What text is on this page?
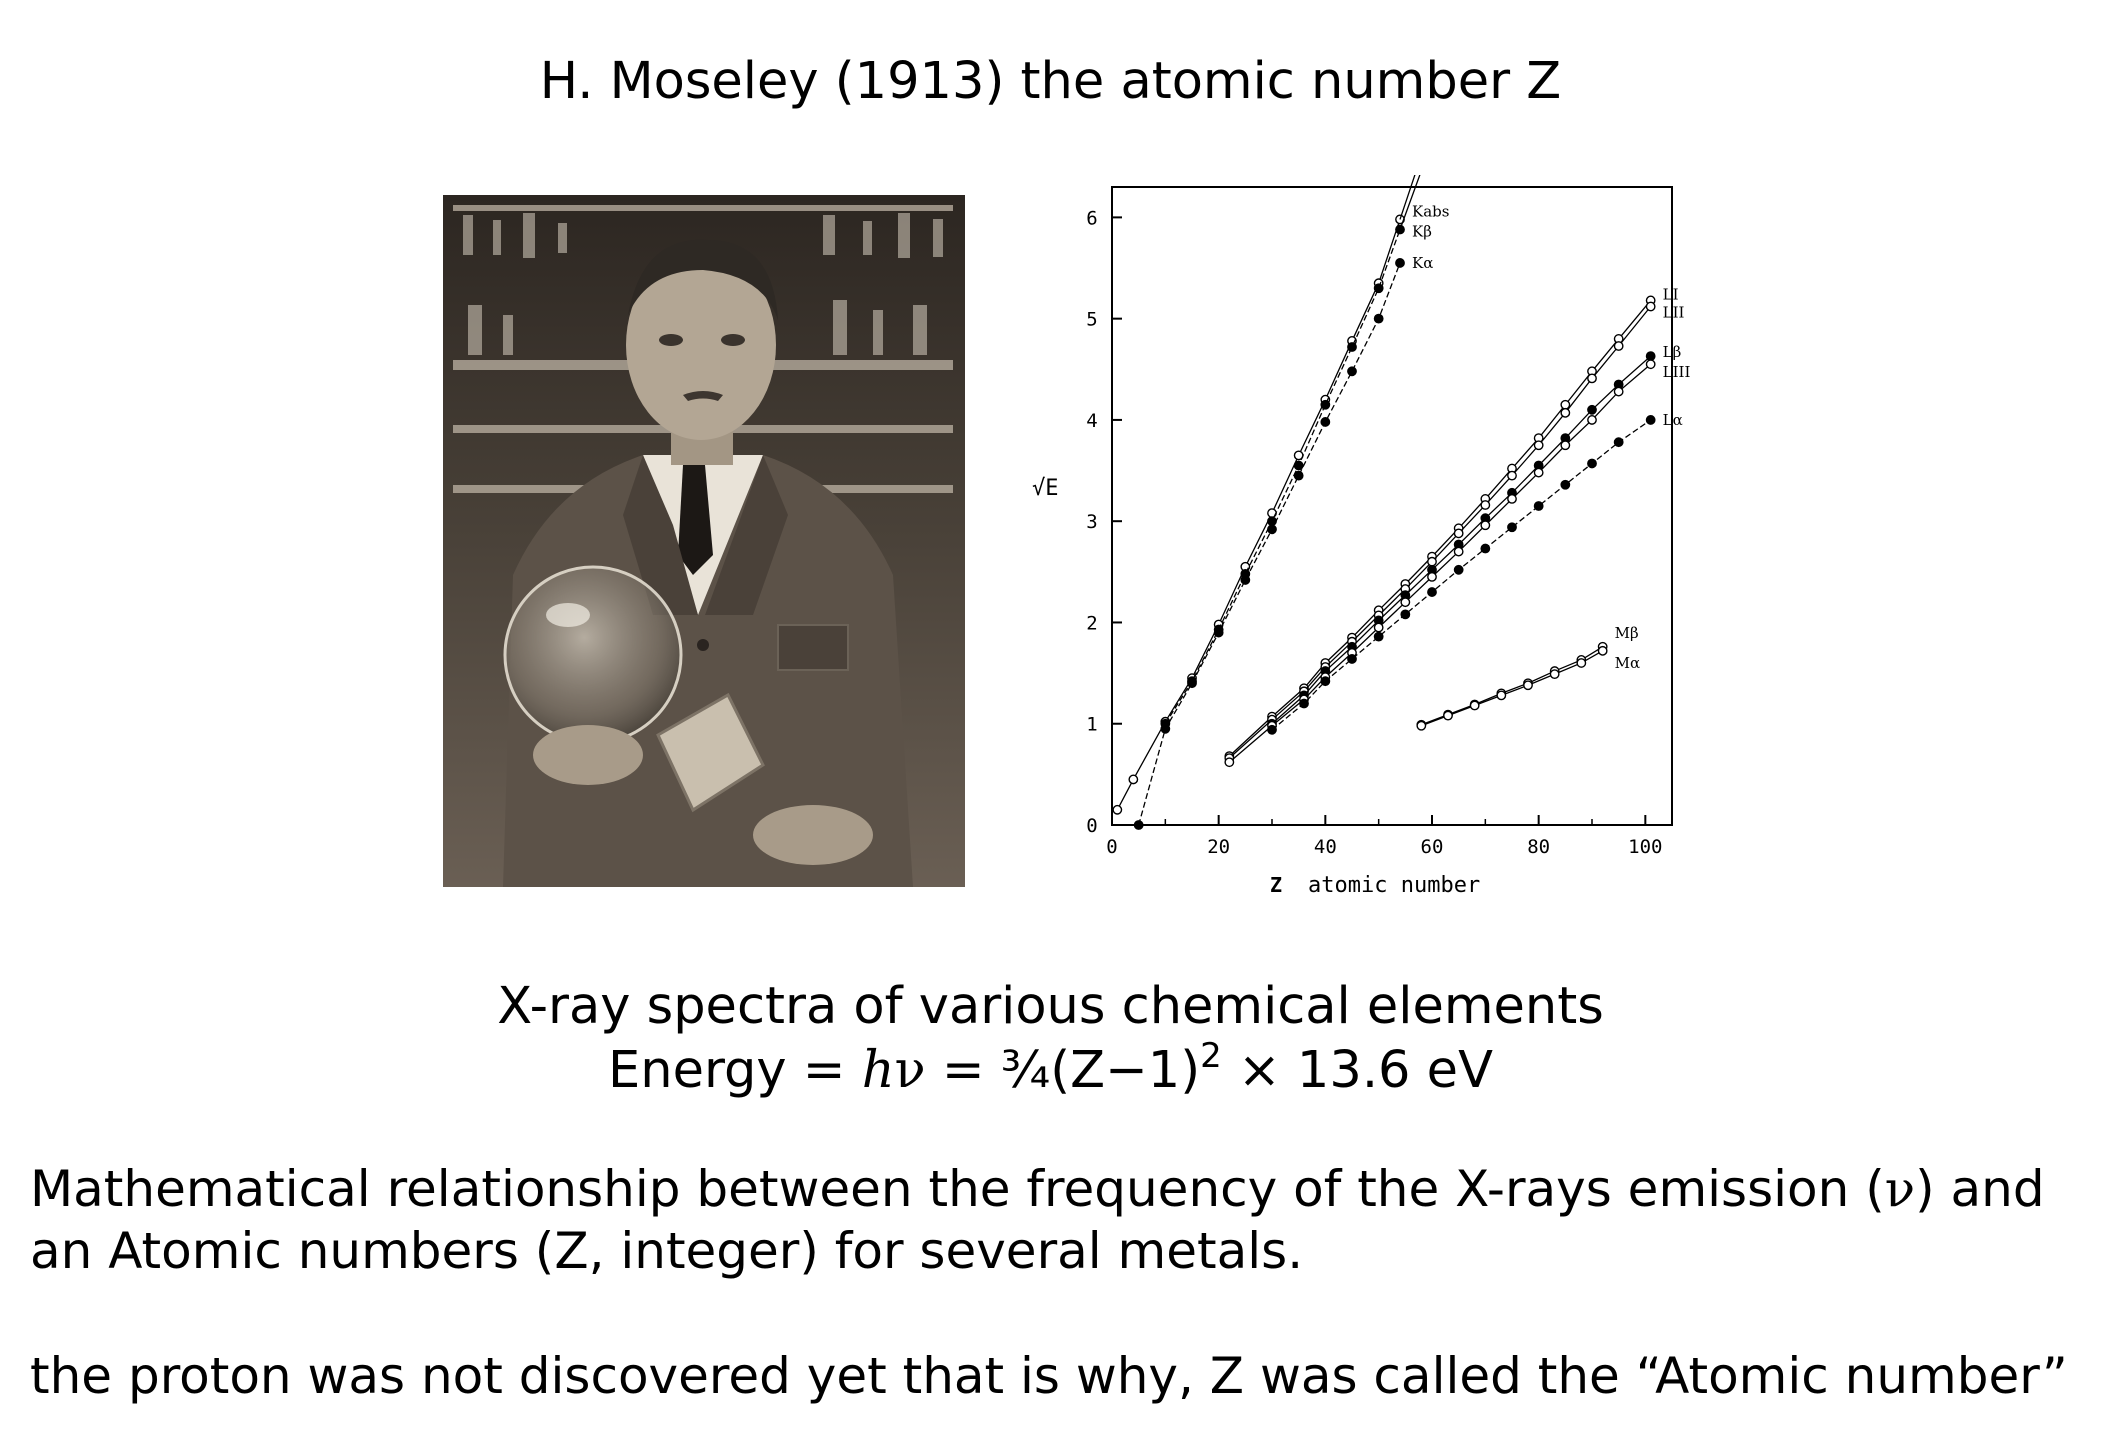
H. Moseley (1913) the atomic number Z
0	20	40	60	80	100
0
1
2
3
4
5
6	Kabs
Kβ
Kα
LI
LII
Lβ
LIII
Lα
Mβ
Mα
√E
Z atomic number
X-ray spectra of various chemical elements
Energy = $h\nu = \frac{3}{4}(Z-1)^2 \times 13.6$ eV
Mathematical relationship between the frequency of the X-rays emission (ν) and an Atomic numbers (Z, integer) for several metals.
the proton was not discovered yet that is why, Z was called the “Atomic number”
